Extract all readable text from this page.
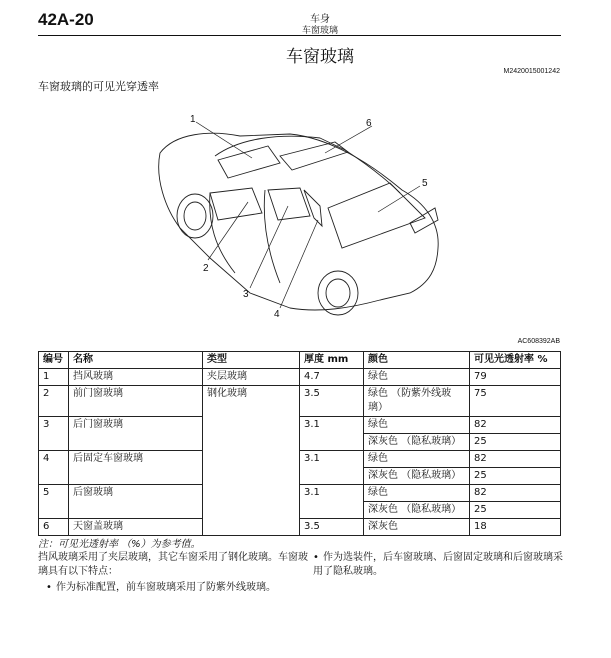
42A-20	车身
车窗玻璃
车窗玻璃
M2420015001242
车窗玻璃的可见光穿透率
1
2
3
4
5
6
AC608392AB
编号	名称	类型	厚度 mm	颜色	可见光透射率 %
1	挡风玻璃	夹层玻璃	4.7	绿色	79
2	前门窗玻璃	钢化玻璃	3.5	绿色 （防紫外线玻璃）	75
3	后门窗玻璃		3.1	绿色	82
				深灰色 （隐私玻璃）	25
4	后固定车窗玻璃		3.1	绿色	82
				深灰色 （隐私玻璃）	25
5	后窗玻璃		3.1	绿色	82
				深灰色 （隐私玻璃）	25
6	天窗盖玻璃		3.5	深灰色	18
注：可见光透射率 （%）为参考值。
挡风玻璃采用了夹层玻璃，其它车窗采用了钢化玻璃。车窗玻璃具有以下特点：
• 作为标准配置，前车窗玻璃采用了防紫外线玻璃。
• 作为选装件，后车窗玻璃、后窗固定玻璃和后窗玻璃采用了隐私玻璃。
